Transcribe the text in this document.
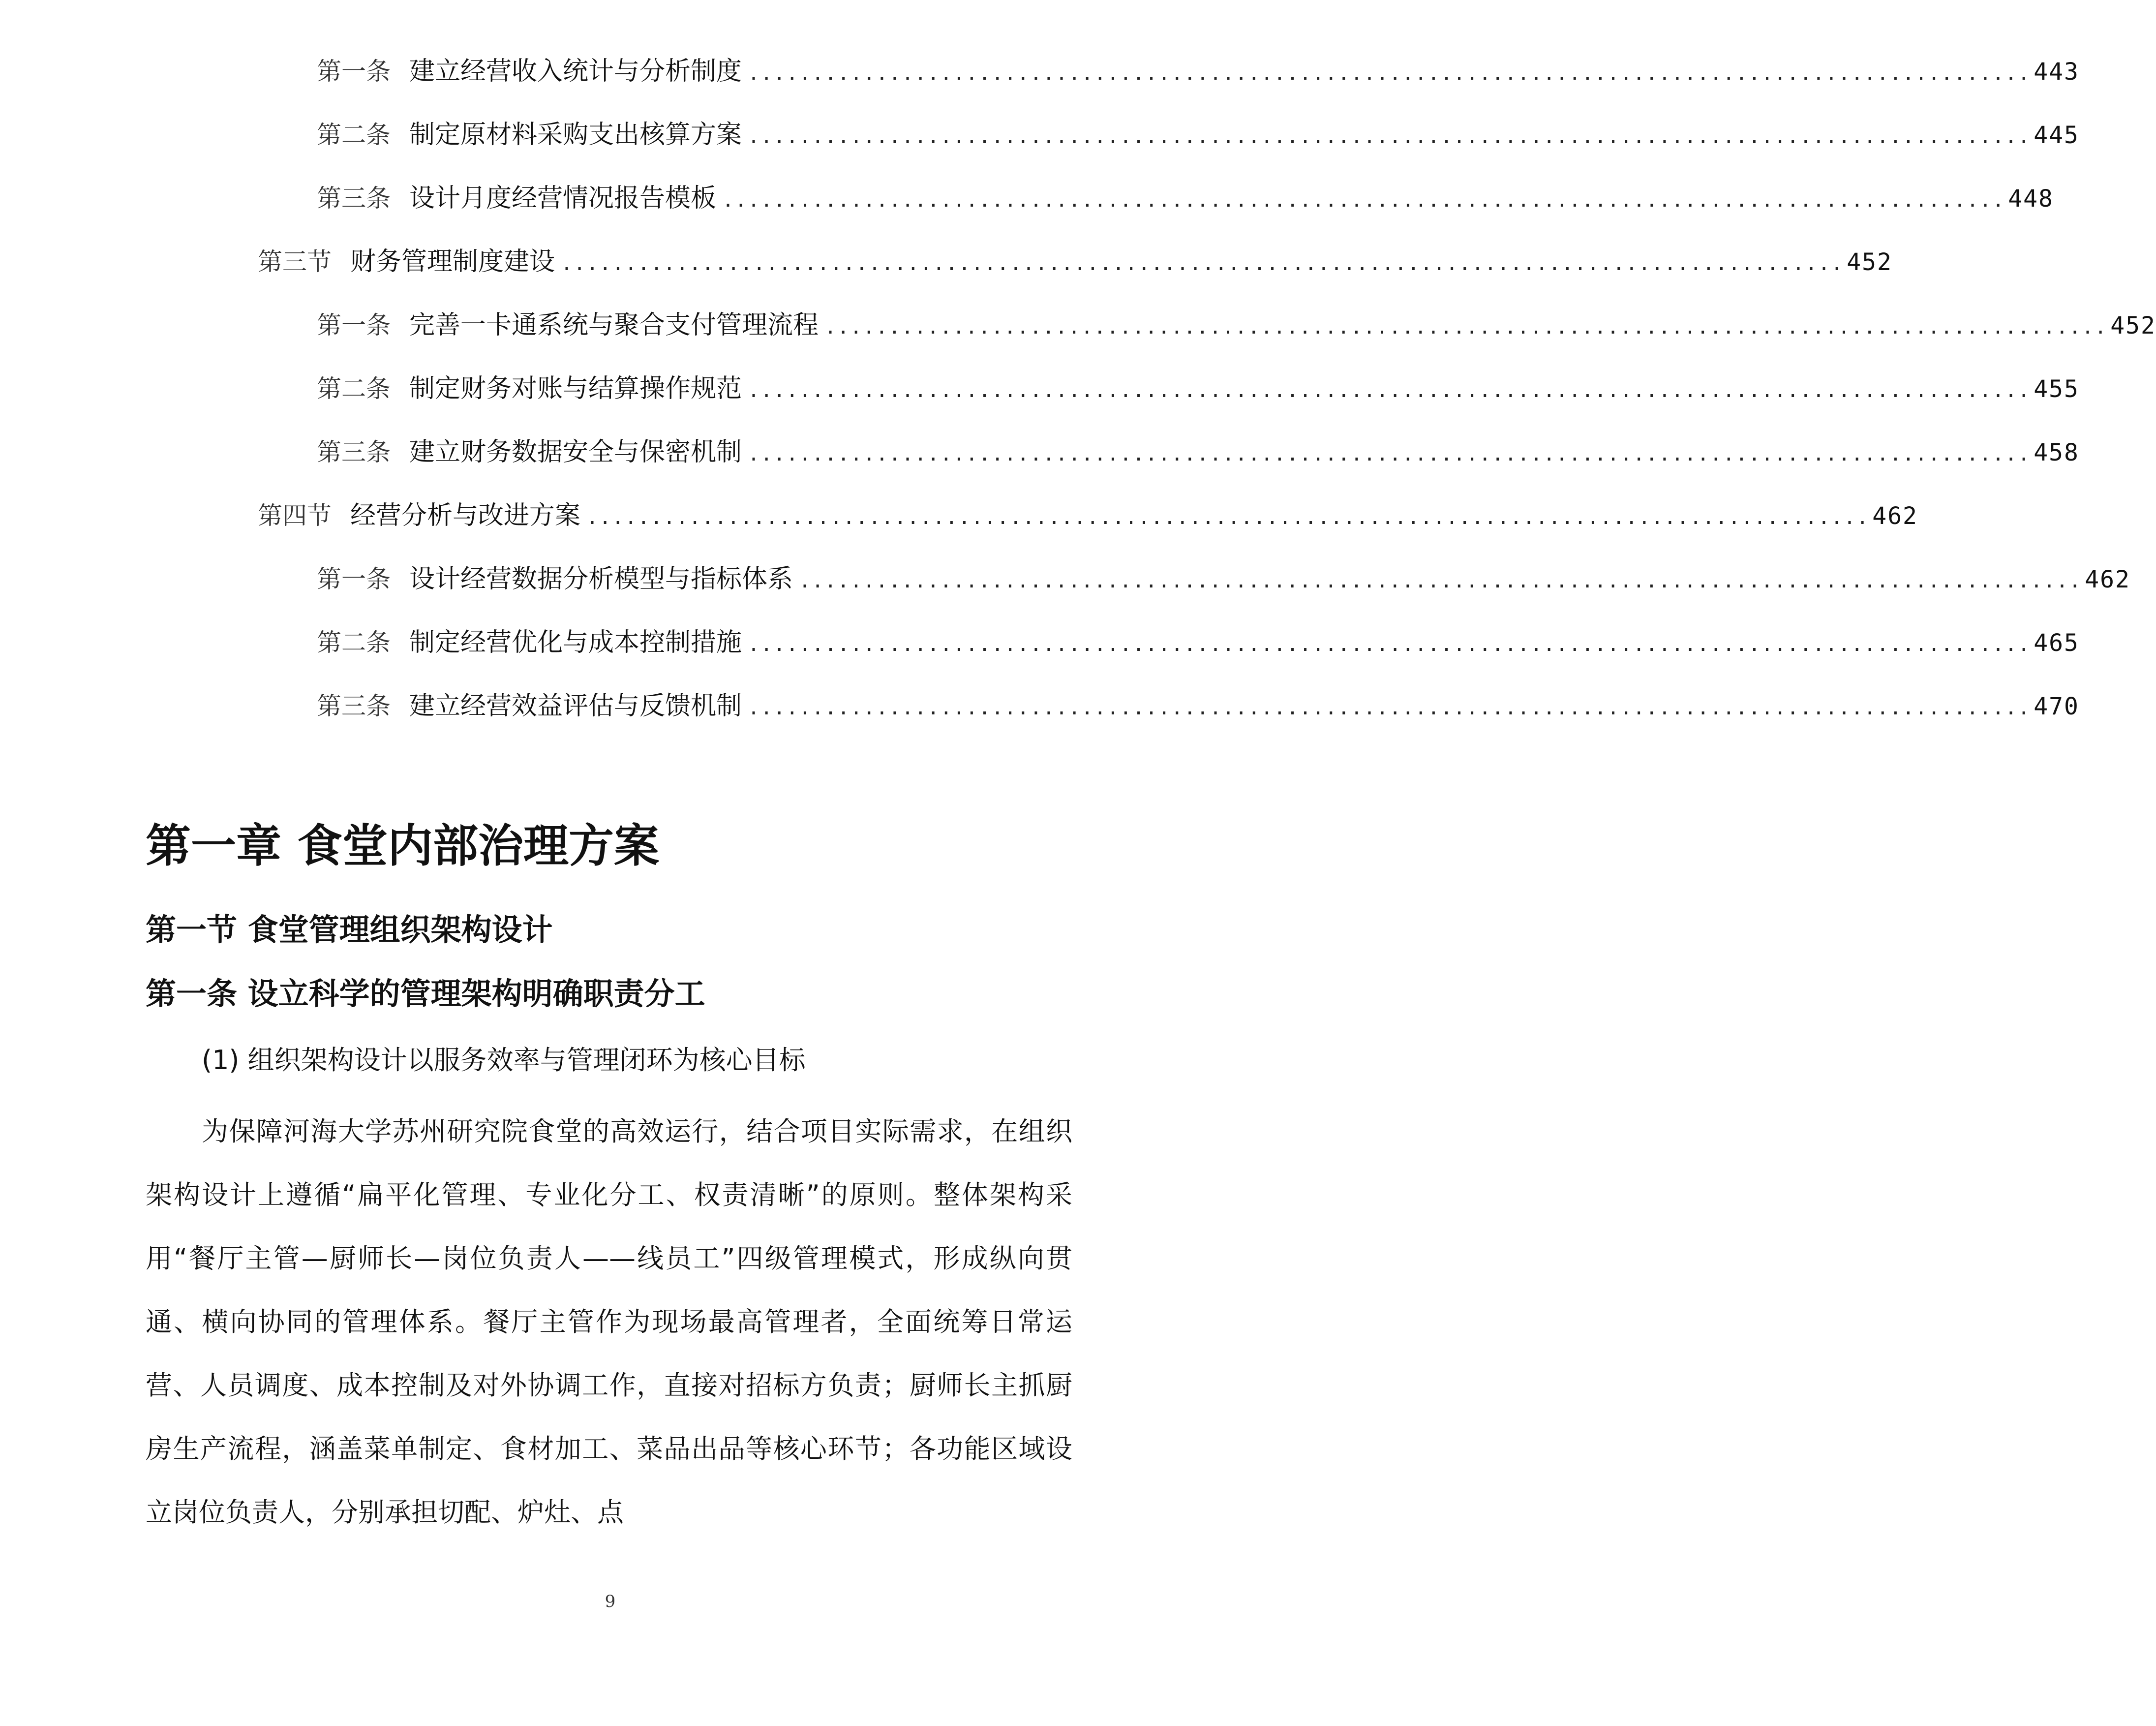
第一条 建立经营收入统计与分析制度 .................................................................................................... 443
第二条 制定原材料采购支出核算方案 .................................................................................................... 445
第三条 设计月度经营情况报告模板 .................................................................................................... 448
第三节 财务管理制度建设 .................................................................................................... 452
第一条 完善一卡通系统与聚合支付管理流程 .................................................................................................... 452
第二条 制定财务对账与结算操作规范 .................................................................................................... 455
第三条 建立财务数据安全与保密机制 .................................................................................................... 458
第四节 经营分析与改进方案 .................................................................................................... 462
第一条 设计经营数据分析模型与指标体系 .................................................................................................... 462
第二条 制定经营优化与成本控制措施 .................................................................................................... 465
第三条 建立经营效益评估与反馈机制 .................................................................................................... 470
第一章 食堂内部治理方案
第一节 食堂管理组织架构设计
第一条 设立科学的管理架构明确职责分工
(1) 组织架构设计以服务效率与管理闭环为核心目标

为保障河海大学苏州研究院食堂的高效运行，结合项目实际需求，在组织架构设计上遵循“扁平化管理、专业化分工、权责清晰”的原则。整体架构采用“餐厅主管—厨师长—岗位负责人——线员工”四级管理模式，形成纵向贯通、横向协同的管理体系。餐厅主管作为现场最高管理者，全面统筹日常运营、人员调度、成本控制及对外协调工作，直接对招标方负责；厨师长主抓厨房生产流程，涵盖菜单制定、食材加工、菜品出品等核心环节；各功能区域设立岗位负责人，分别承担切配、炉灶、点

9
